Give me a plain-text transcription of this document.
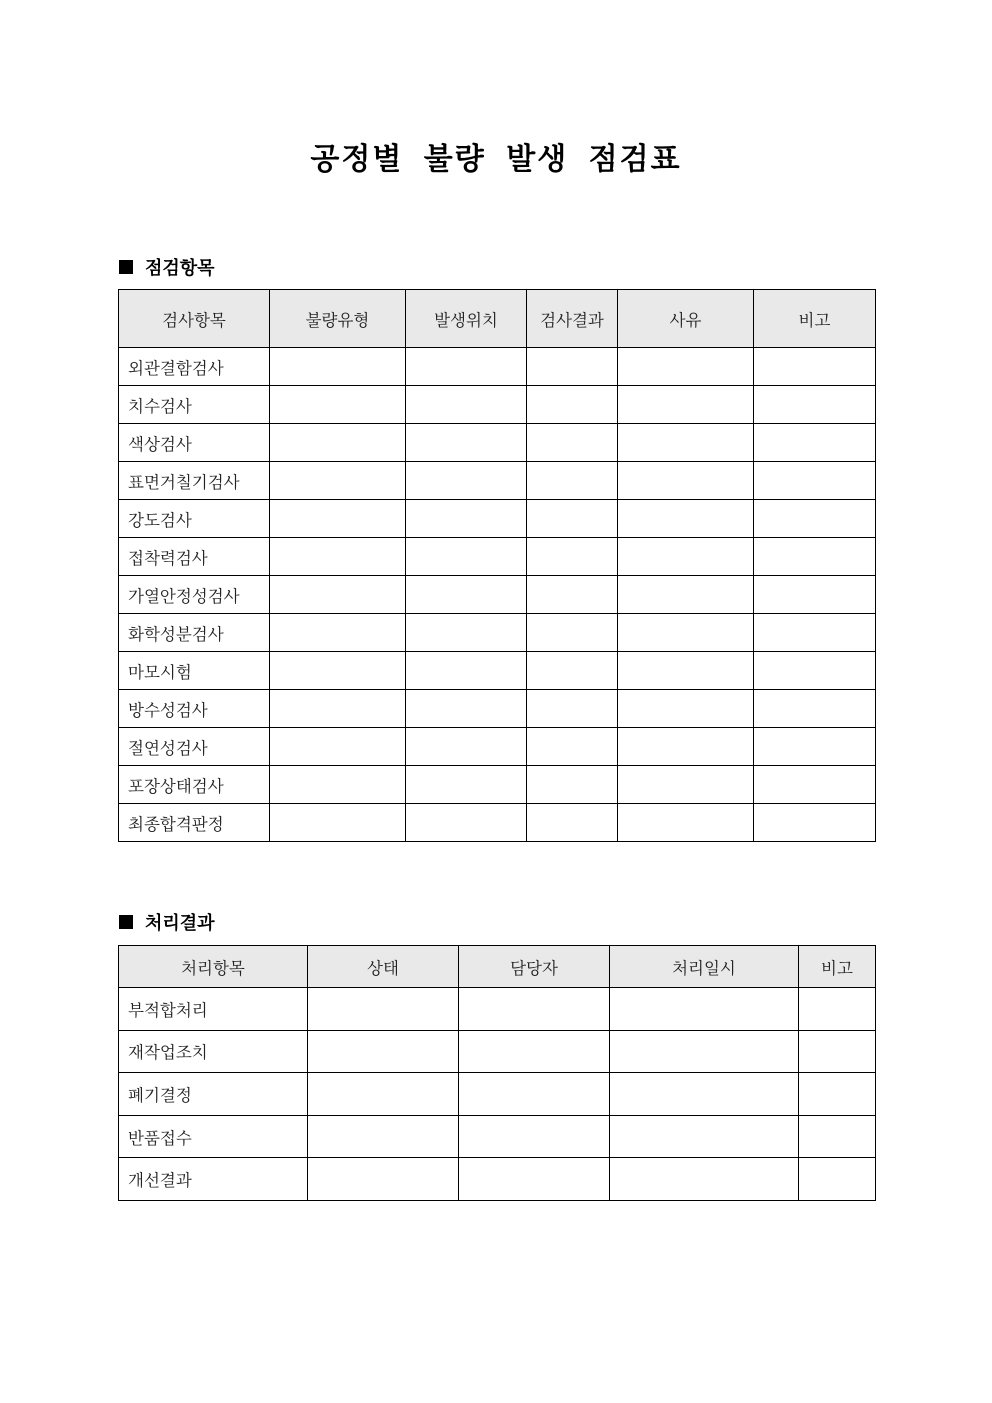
공정별 불량 발생 점검표
점검항목
검사항목	불량유형	발생위치	검사결과	사유	비고
외관결함검사					
치수검사					
색상검사					
표면거칠기검사					
강도검사					
접착력검사					
가열안정성검사					
화학성분검사					
마모시험					
방수성검사					
절연성검사					
포장상태검사					
최종합격판정					
처리결과
처리항목	상태	담당자	처리일시	비고
부적합처리				
재작업조치				
폐기결정				
반품접수				
개선결과				
